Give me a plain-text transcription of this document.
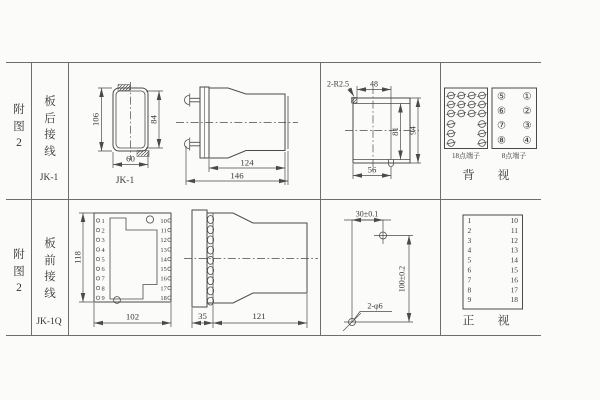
106	84
60
JK-1
124
146
48
2-R2.5
81 94
56
18点端子
⑤ ①
⑥ ②
⑦ ③
⑧ ④
8点端子
背 视
1	10
2	11
3	12
4	13
5	14
6	15
7	16
8	17
9	18
118
102	35	121
30±0.1
100±0.2
2-φ6
1	10
2	11
3	12
4	13
5	14
6	15
7	16
8	17
9	18
正 视
附图2
板后接线
JK-1
附图2
板前接线
JK-1Q
